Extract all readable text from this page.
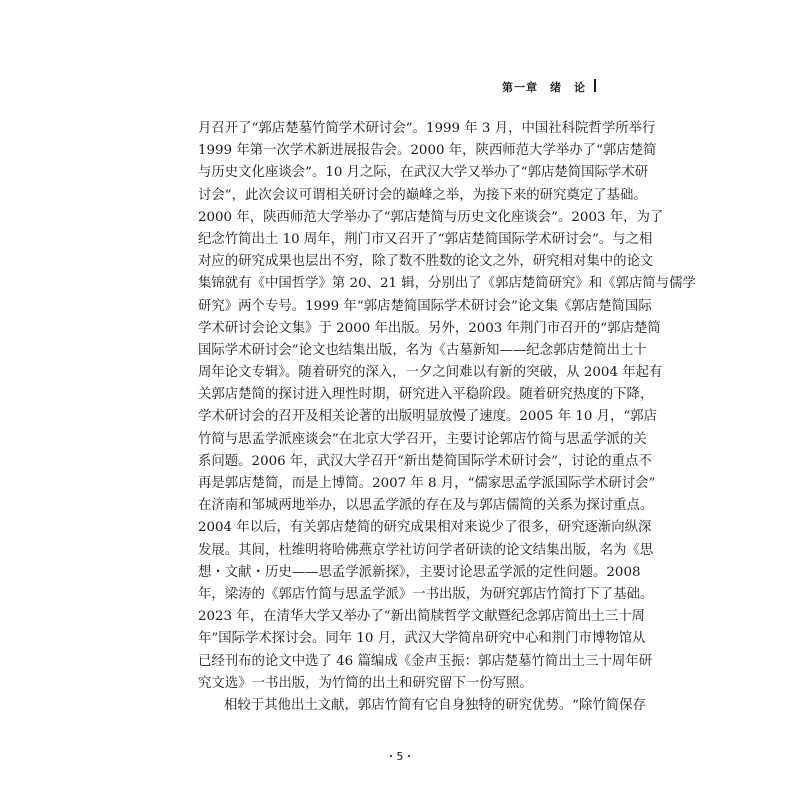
第一章　绪　论
月召开了“郭店楚墓竹简学术研讨会”。1999 年 3 月，中国社科院哲学所举行
1999 年第一次学术新进展报告会。2000 年，陕西师范大学举办了“郭店楚简
与历史文化座谈会”。10 月之际，在武汉大学又举办了“郭店楚简国际学术研
讨会”，此次会议可谓相关研讨会的巅峰之举，为接下来的研究奠定了基础。
2000 年，陕西师范大学举办了“郭店楚简与历史文化座谈会”。2003 年，为了
纪念竹简出土 10 周年，荆门市又召开了“郭店楚简国际学术研讨会”。与之相
对应的研究成果也层出不穷，除了数不胜数的论文之外，研究相对集中的论文
集锦就有《中国哲学》第 20、21 辑，分别出了《郭店楚简研究》和《郭店简与儒学
研究》两个专号。1999 年“郭店楚简国际学术研讨会”论文集《郭店楚简国际
学术研讨会论文集》于 2000 年出版。另外，2003 年荆门市召开的“郭店楚简
国际学术研讨会”论文也结集出版，名为《古墓新知——纪念郭店楚简出土十
周年论文专辑》。随着研究的深入，一夕之间难以有新的突破，从 2004 年起有
关郭店楚简的探讨进入理性时期，研究进入平稳阶段。随着研究热度的下降，
学术研讨会的召开及相关论著的出版明显放慢了速度。2005 年 10 月，“郭店
竹简与思孟学派座谈会”在北京大学召开，主要讨论郭店竹简与思孟学派的关
系问题。2006 年，武汉大学召开“新出楚简国际学术研讨会”，讨论的重点不
再是郭店楚简，而是上博简。2007 年 8 月，“儒家思孟学派国际学术研讨会”
在济南和邹城两地举办，以思孟学派的存在及与郭店儒简的关系为探讨重点。
2004 年以后，有关郭店楚简的研究成果相对来说少了很多，研究逐渐向纵深
发展。其间，杜维明将哈佛燕京学社访问学者研读的论文结集出版，名为《思
想・文献・历史——思孟学派新探》，主要讨论思孟学派的定性问题。2008
年，梁涛的《郭店竹简与思孟学派》一书出版，为研究郭店竹简打下了基础。
2023 年，在清华大学又举办了“新出简牍哲学文献暨纪念郭店简出土三十周
年”国际学术探讨会。同年 10 月，武汉大学简帛研究中心和荆门市博物馆从
已经刊布的论文中选了 46 篇编成《金声玉振：郭店楚墓竹简出土三十周年研
究文选》一书出版，为竹简的出土和研究留下一份写照。
相较于其他出土文献，郭店竹简有它自身独特的研究优势。“除竹简保存
・5・
